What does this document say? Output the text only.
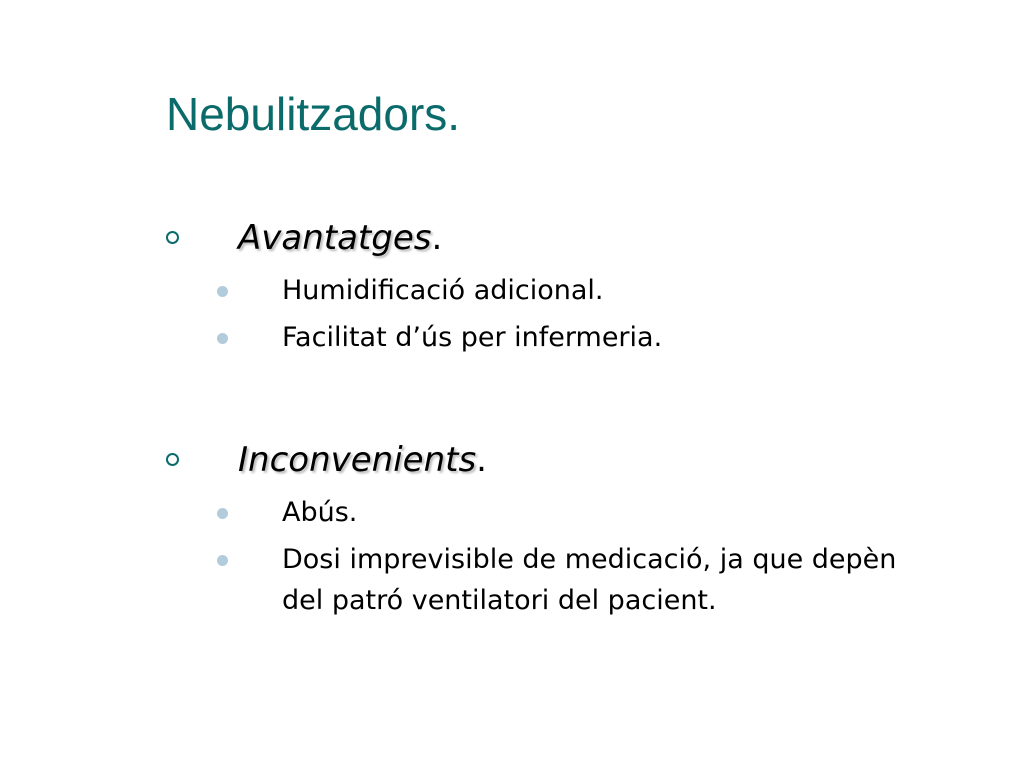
Nebulitzadors.
Avantatges.
Humidificació adicional.
Facilitat d’ús per infermeria.
Inconvenients.
Abús.
Dosi imprevisible de medicació, ja que depèn del patró ventilatori del pacient.
